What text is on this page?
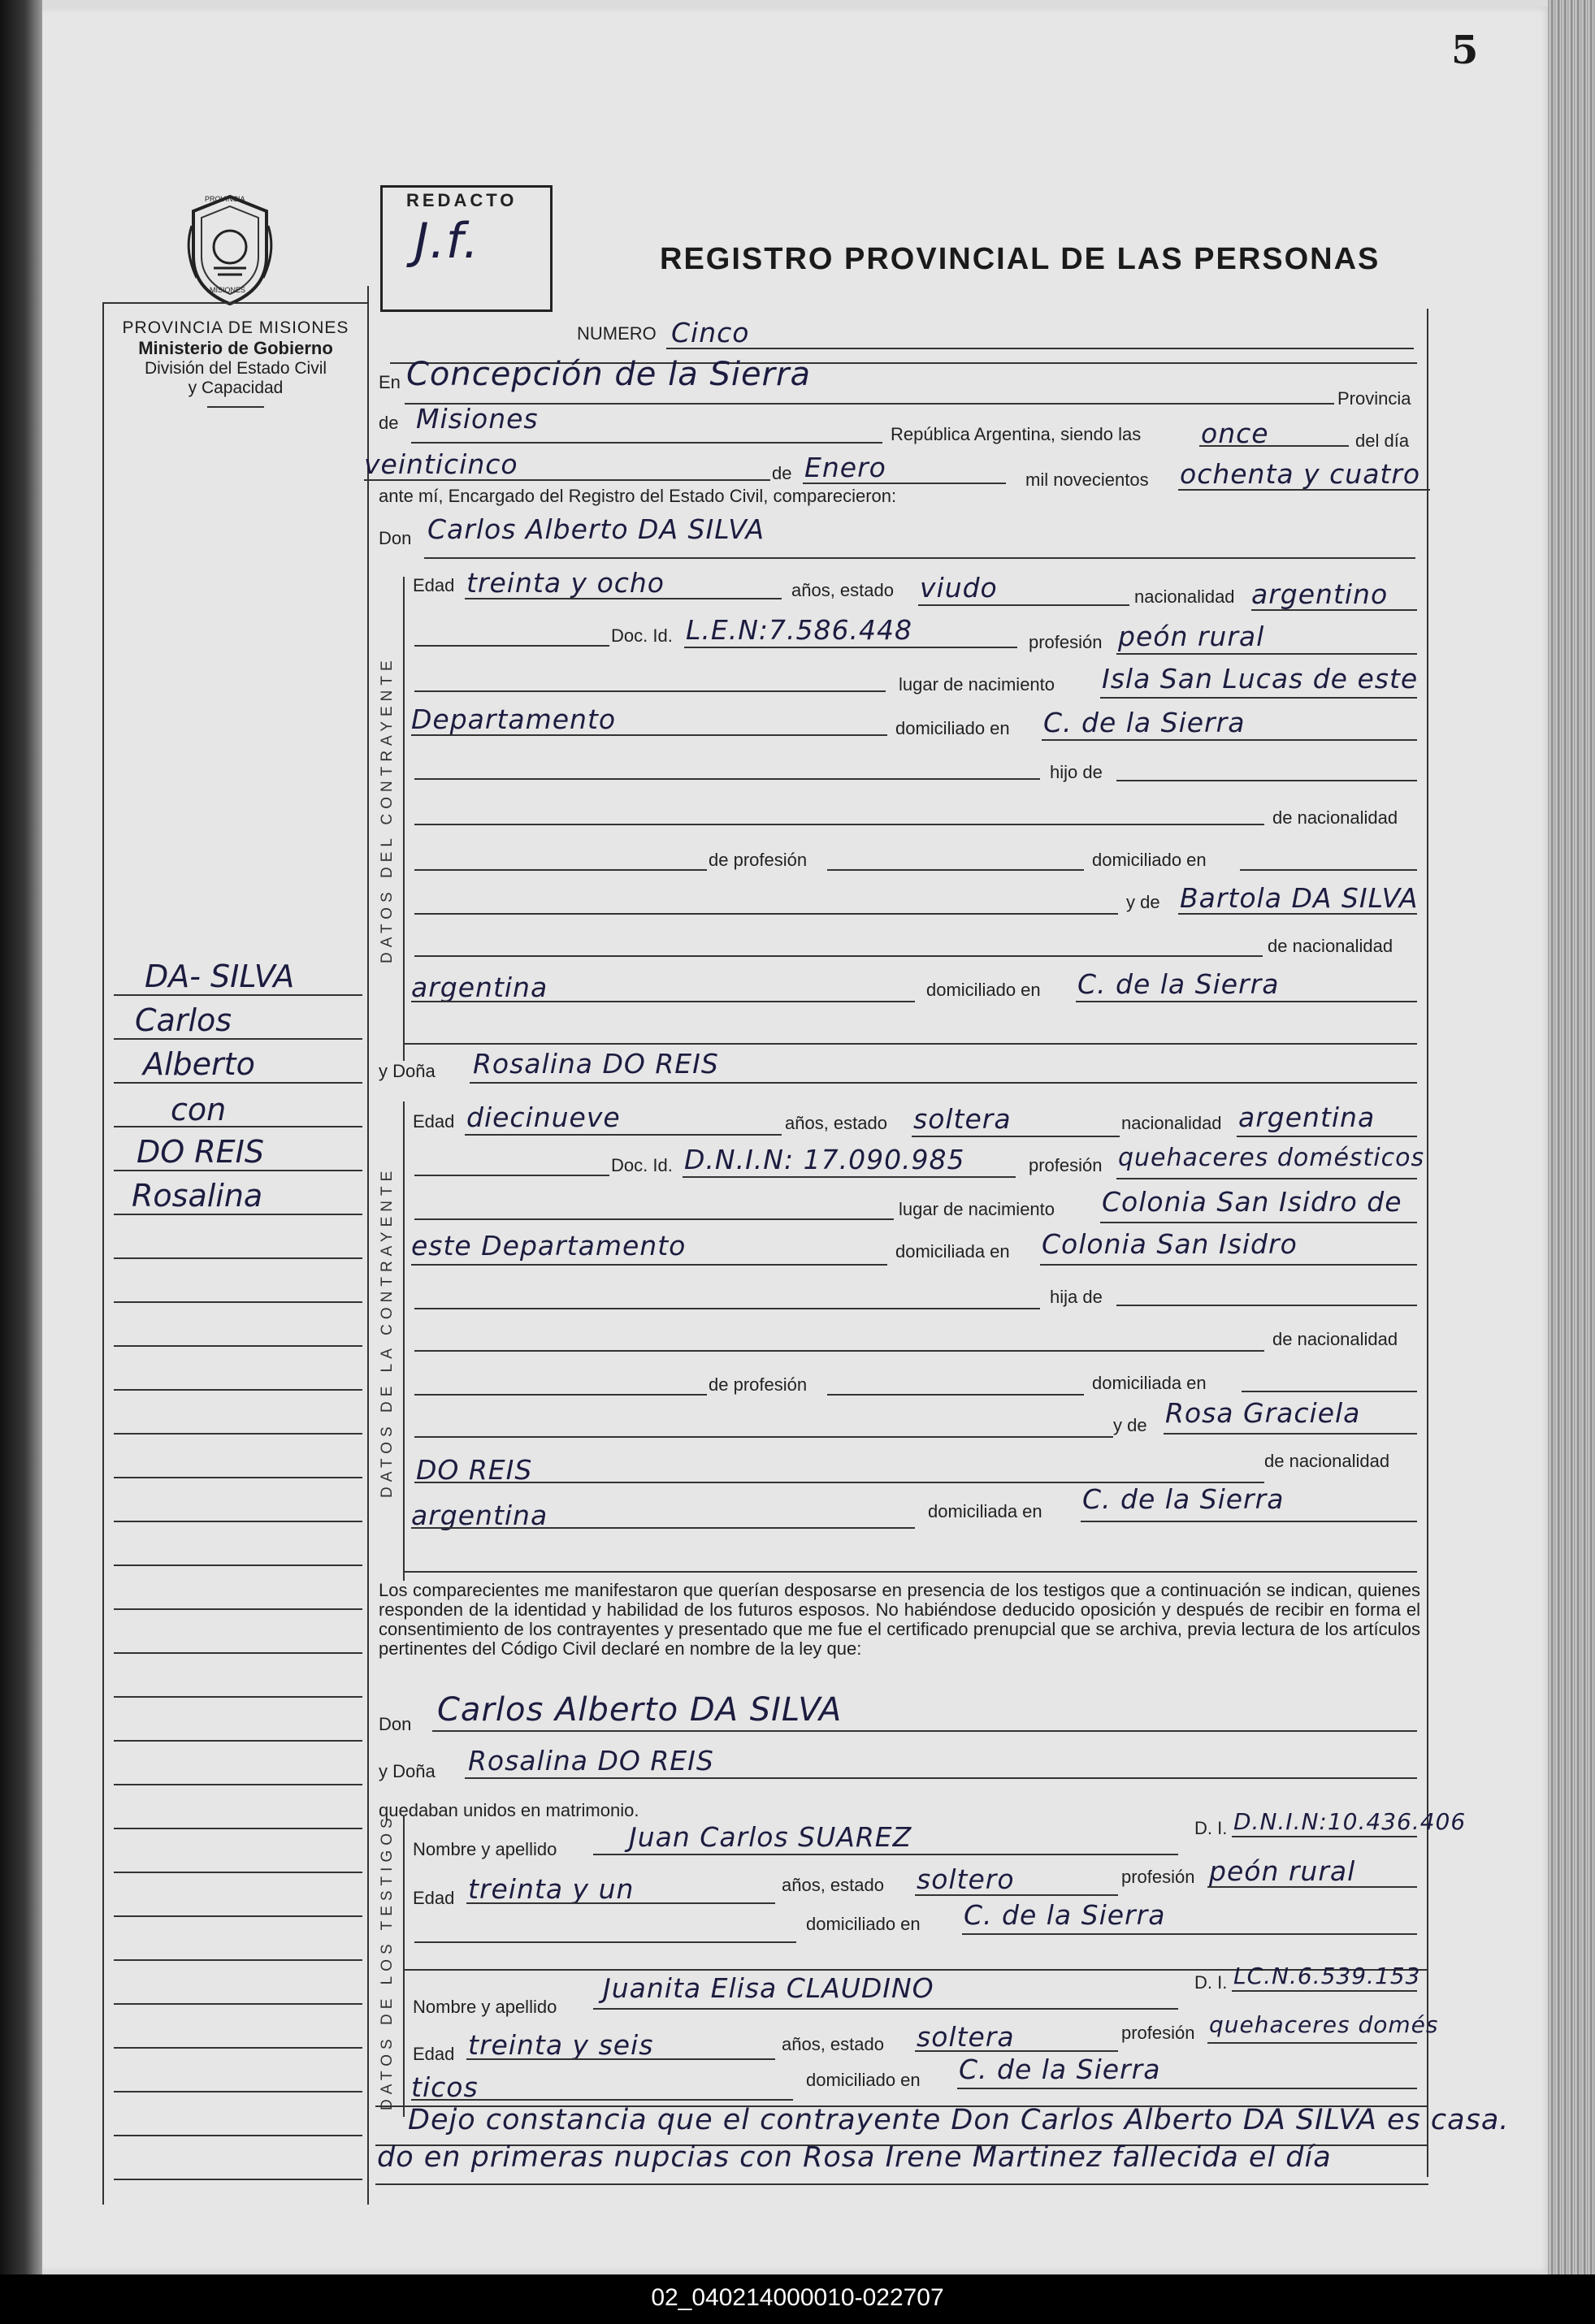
5
PROVINCIA
MISIONES
PROVINCIA DE MISIONES
Ministerio de Gobierno
División del Estado Civil
y Capacidad
REDACTO
J.f.	REGISTRO PROVINCIAL DE LAS PERSONAS
DA- SILVA
Carlos
Alberto
con
DO REIS
Rosalina
NUMERO Cinco
En Concepción de la Sierra
Provincia
de Misiones	República Argentina, siendo las once	del día
veinticinco	de Enero	mil novecientos ochenta y cuatro
ante mí, Encargado del Registro del Estado Civil, comparecieron:
Don Carlos Alberto DA SILVA
DATOS DEL CONTRAYENTE
Edad treinta y ocho	años, estado viudo	nacionalidad argentino
Doc. Id. L.E.N:7.586.448	profesión peón rural
lugar de nacimiento Isla San Lucas de este
Departamento	domiciliado en C. de la Sierra
hijo de
de nacionalidad
de profesión	domiciliado en
y de Bartola DA SILVA
de nacionalidad
argentina	domiciliado en C. de la Sierra
y Doña Rosalina DO REIS
DATOS DE LA CONTRAYENTE
Edad diecinueve	años, estado soltera	nacionalidad argentina
Doc. Id. D.N.I.N: 17.090.985	profesión quehaceres domésticos
lugar de nacimiento Colonia San Isidro de
este Departamento	domiciliada en Colonia San Isidro
hija de
de nacionalidad
de profesión	domiciliada en
y de Rosa Graciela
DO REIS	de nacionalidad
argentina	domiciliada en C. de la Sierra
Los comparecientes me manifestaron que querían desposarse en presencia de los testigos que a continuación se indican, quienes responden de la identidad y habilidad de los futuros esposos. No habiéndose deducido oposición y después de recibir en forma el consentimiento de los contrayentes y presentado que me fue el certificado prenupcial que se archiva, previa lectura de los artículos pertinentes del Código Civil declaré en nombre de la ley que:
Don Carlos Alberto DA SILVA
y Doña Rosalina DO REIS
quedaban unidos en matrimonio.
DATOS DE LOS TESTIGOS Nombre y apellido	Juan Carlos SUAREZ	D. I. D.N.I.N:10.436.406
Edad treinta y un	años, estado soltero	profesión peón rural
domiciliado en C. de la Sierra
Nombre y apellido
Juanita Elisa CLAUDINO	D. I. LC.N.6.539.153
Edad treinta y seis	años, estado soltera	profesión quehaceres domés
ticos	domiciliado en C. de la Sierra
Dejo constancia que el contrayente Don Carlos Alberto DA SILVA es casa.
do en primeras nupcias con Rosa Irene Martinez fallecida el día
02_040214000010-022707
